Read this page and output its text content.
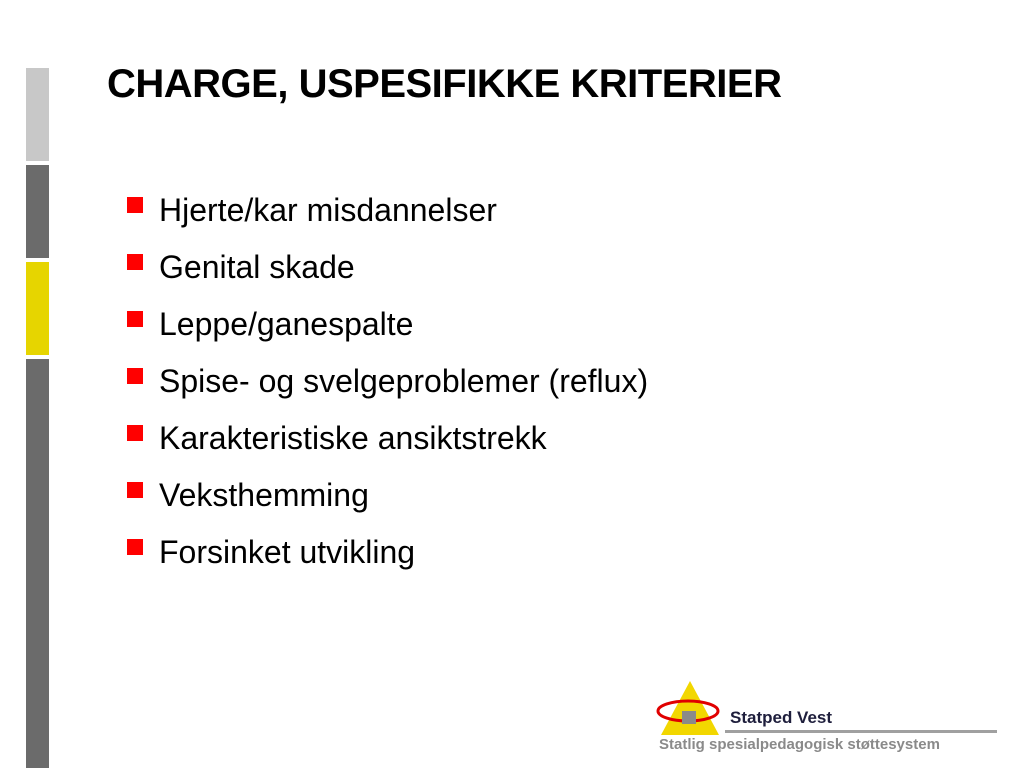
CHARGE, USPESIFIKKE KRITERIER
Hjerte/kar misdannelser
Genital skade
Leppe/ganespalte
Spise- og svelgeproblemer (reflux)
Karakteristiske ansiktstrekk
Veksthemming
Forsinket utvikling
Statped Vest
Statlig spesialpedagogisk støttesystem
